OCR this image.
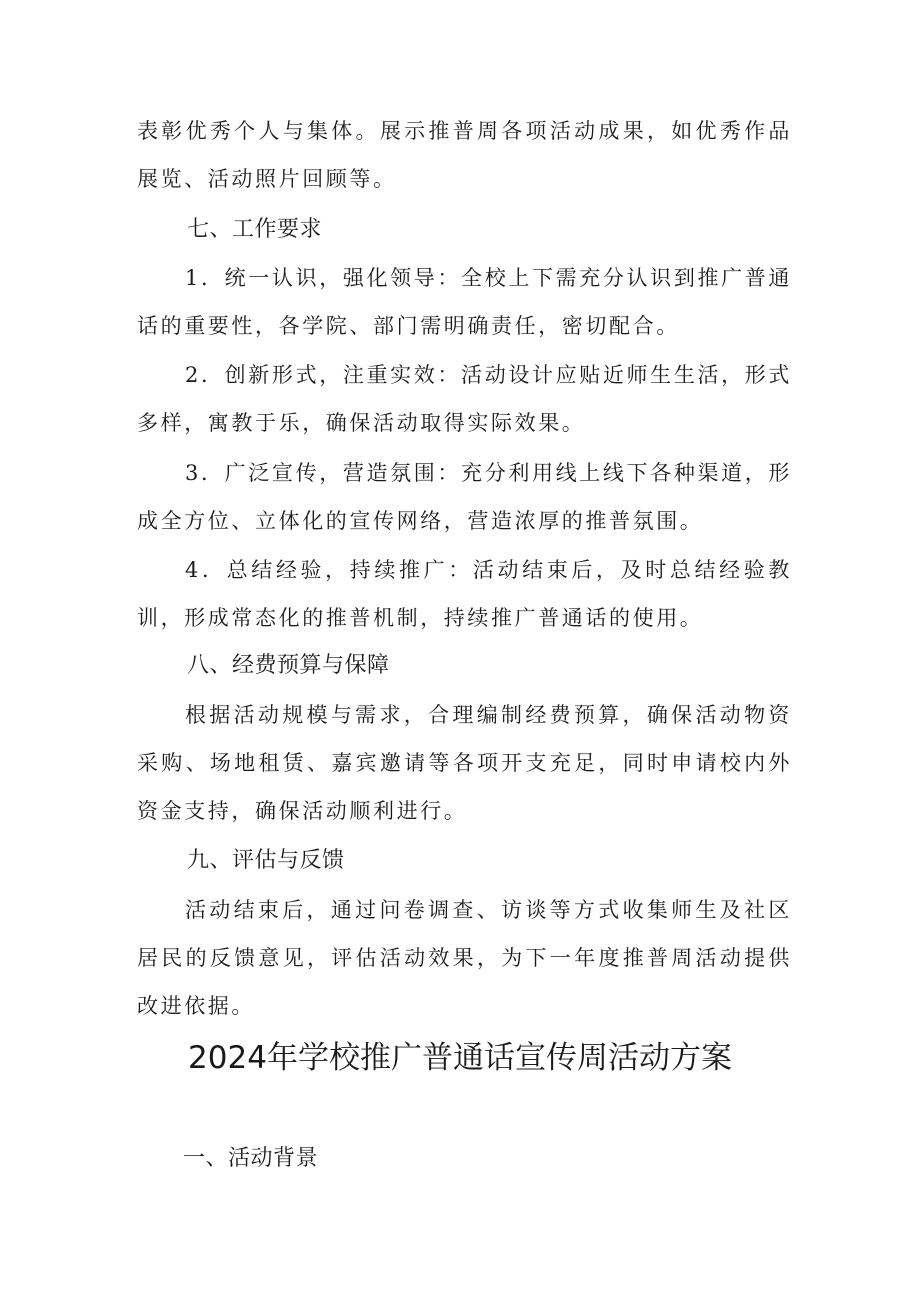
表彰优秀个人与集体。展示推普周各项活动成果，如优秀作品展览、活动照片回顾等。

七、工作要求

1．统一认识，强化领导：全校上下需充分认识到推广普通话的重要性，各学院、部门需明确责任，密切配合。

2．创新形式，注重实效：活动设计应贴近师生生活，形式多样，寓教于乐，确保活动取得实际效果。

3．广泛宣传，营造氛围：充分利用线上线下各种渠道，形成全方位、立体化的宣传网络，营造浓厚的推普氛围。

4．总结经验，持续推广：活动结束后，及时总结经验教训，形成常态化的推普机制，持续推广普通话的使用。

八、经费预算与保障

根据活动规模与需求，合理编制经费预算，确保活动物资采购、场地租赁、嘉宾邀请等各项开支充足，同时申请校内外资金支持，确保活动顺利进行。

九、评估与反馈

活动结束后，通过问卷调查、访谈等方式收集师生及社区居民的反馈意见，评估活动效果，为下一年度推普周活动提供改进依据。

2024年学校推广普通话宣传周活动方案
一、活动背景
